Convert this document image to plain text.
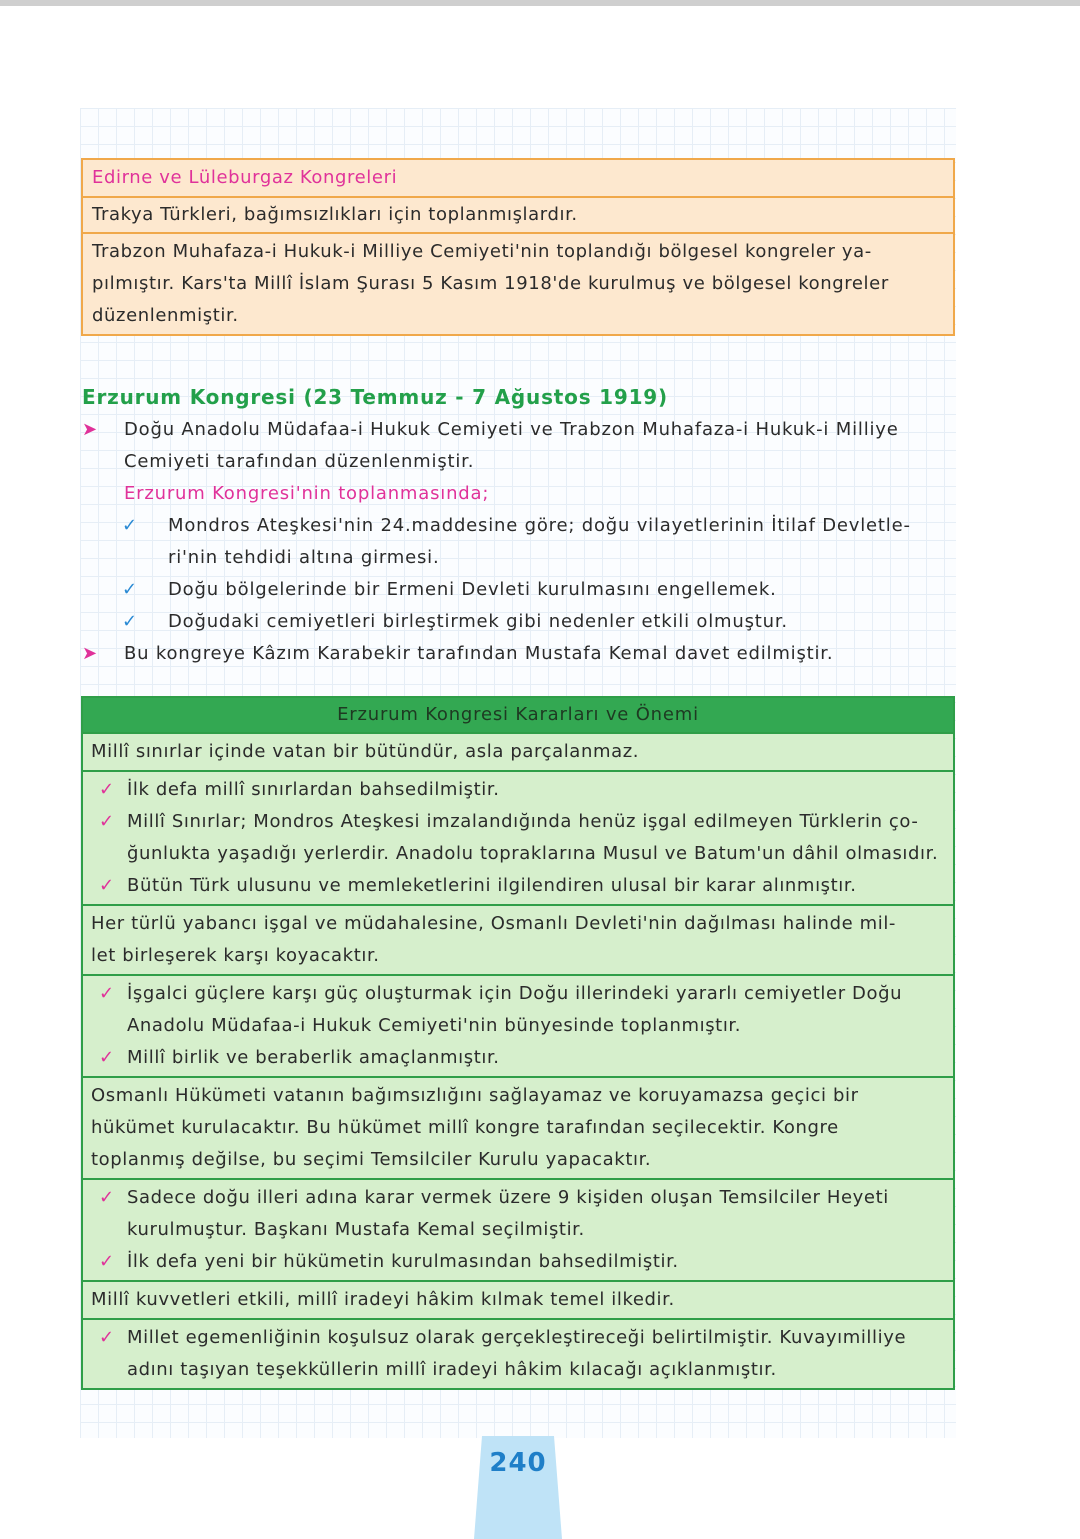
Edirne ve Lüleburgaz Kongreleri
Trakya Türkleri, bağımsızlıkları için toplanmışlardır.
Trabzon Muhafaza-i Hukuk-i Milliye Cemiyeti'nin toplandığı bölgesel kongreler ya-
pılmıştır. Kars'ta Millî İslam Şurası 5 Kasım 1918'de kurulmuş ve bölgesel kongreler
düzenlenmiştir.
Erzurum Kongresi (23 Temmuz - 7 Ağustos 1919)
➤ Doğu Anadolu Müdafaa-i Hukuk Cemiyeti ve Trabzon Muhafaza-i Hukuk-i Milliye
Cemiyeti tarafından düzenlenmiştir.
Erzurum Kongresi'nin toplanmasında;
✓ Mondros Ateşkesi'nin 24.maddesine göre; doğu vilayetlerinin İtilaf Devletle-
ri'nin tehdidi altına girmesi.
✓ Doğu bölgelerinde bir Ermeni Devleti kurulmasını engellemek.
✓ Doğudaki cemiyetleri birleştirmek gibi nedenler etkili olmuştur.
➤ Bu kongreye Kâzım Karabekir tarafından Mustafa Kemal davet edilmiştir.
Erzurum Kongresi Kararları ve Önemi
Millî sınırlar içinde vatan bir bütündür, asla parçalanmaz.
✓ İlk defa millî sınırlardan bahsedilmiştir.
✓ Millî Sınırlar; Mondros Ateşkesi imzalandığında henüz işgal edilmeyen Türklerin ço-
ğunlukta yaşadığı yerlerdir. Anadolu topraklarına Musul ve Batum'un dâhil olmasıdır.
✓ Bütün Türk ulusunu ve memleketlerini ilgilendiren ulusal bir karar alınmıştır.
Her türlü yabancı işgal ve müdahalesine, Osmanlı Devleti'nin dağılması halinde mil-
let birleşerek karşı koyacaktır.
✓ İşgalci güçlere karşı güç oluşturmak için Doğu illerindeki yararlı cemiyetler Doğu
Anadolu Müdafaa-i Hukuk Cemiyeti'nin bünyesinde toplanmıştır.
✓ Millî birlik ve beraberlik amaçlanmıştır.
Osmanlı Hükümeti vatanın bağımsızlığını sağlayamaz ve koruyamazsa geçici bir
hükümet kurulacaktır. Bu hükümet millî kongre tarafından seçilecektir. Kongre
toplanmış değilse, bu seçimi Temsilciler Kurulu yapacaktır.
✓ Sadece doğu illeri adına karar vermek üzere 9 kişiden oluşan Temsilciler Heyeti
kurulmuştur. Başkanı Mustafa Kemal seçilmiştir.
✓ İlk defa yeni bir hükümetin kurulmasından bahsedilmiştir.
Millî kuvvetleri etkili, millî iradeyi hâkim kılmak temel ilkedir.
✓ Millet egemenliğinin koşulsuz olarak gerçekleştireceği belirtilmiştir. Kuvayımilliye
adını taşıyan teşekküllerin millî iradeyi hâkim kılacağı açıklanmıştır.
240
